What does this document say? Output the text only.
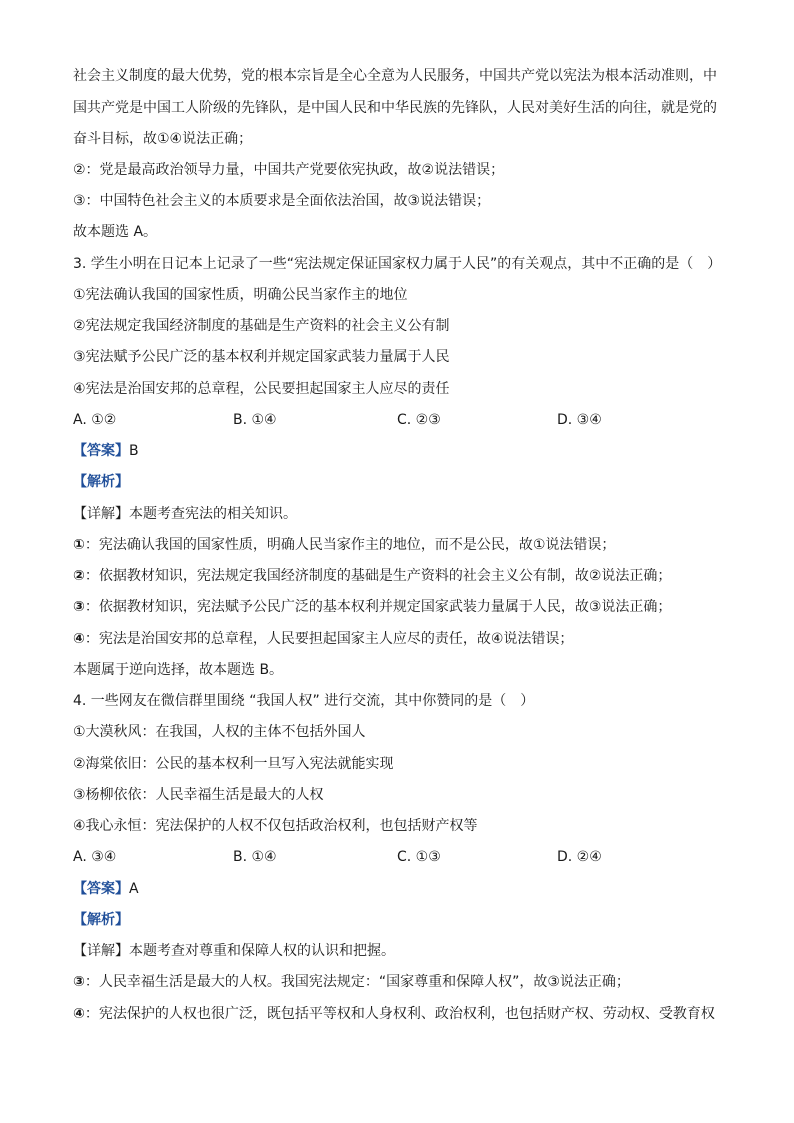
社会主义制度的最大优势，党的根本宗旨是全心全意为人民服务，中国共产党以宪法为根本活动准则，中
国共产党是中国工人阶级的先锋队，是中国人民和中华民族的先锋队，人民对美好生活的向往，就是党的
奋斗目标，故①④说法正确；
②：党是最高政治领导力量，中国共产党要依宪执政，故②说法错误；
③：中国特色社会主义的本质要求是全面依法治国，故③说法错误；
故本题选 A。
3. 学生小明在日记本上记录了一些“宪法规定保证国家权力属于人民”的有关观点，其中不正确的是（　）
①宪法确认我国的国家性质，明确公民当家作主的地位
②宪法规定我国经济制度的基础是生产资料的社会主义公有制
③宪法赋予公民广泛的基本权利并规定国家武装力量属于人民
④宪法是治国安邦的总章程，公民要担起国家主人应尽的责任
A. ①②	B. ①④	C. ②③	D. ③④
【答案】B
【解析】
【详解】本题考查宪法的相关知识。
①：宪法确认我国的国家性质，明确人民当家作主的地位，而不是公民，故①说法错误；
②：依据教材知识，宪法规定我国经济制度的基础是生产资料的社会主义公有制，故②说法正确；
③：依据教材知识，宪法赋予公民广泛的基本权利并规定国家武装力量属于人民，故③说法正确；
④：宪法是治国安邦的总章程，人民要担起国家主人应尽的责任，故④说法错误；
本题属于逆向选择，故本题选 B。
4. 一些网友在微信群里围绕 “我国人权” 进行交流，其中你赞同的是（　）
①大漠秋风：在我国，人权的主体不包括外国人
②海棠依旧：公民的基本权利一旦写入宪法就能实现
③杨柳依依：人民幸福生活是最大的人权
④我心永恒：宪法保护的人权不仅包括政治权利，也包括财产权等
A. ③④	B. ①④	C. ①③	D. ②④
【答案】A
【解析】
【详解】本题考查对尊重和保障人权的认识和把握。
③：人民幸福生活是最大的人权。我国宪法规定：“国家尊重和保障人权”，故③说法正确；
④：宪法保护的人权也很广泛，既包括平等权和人身权利、政治权利，也包括财产权、劳动权、受教育权
